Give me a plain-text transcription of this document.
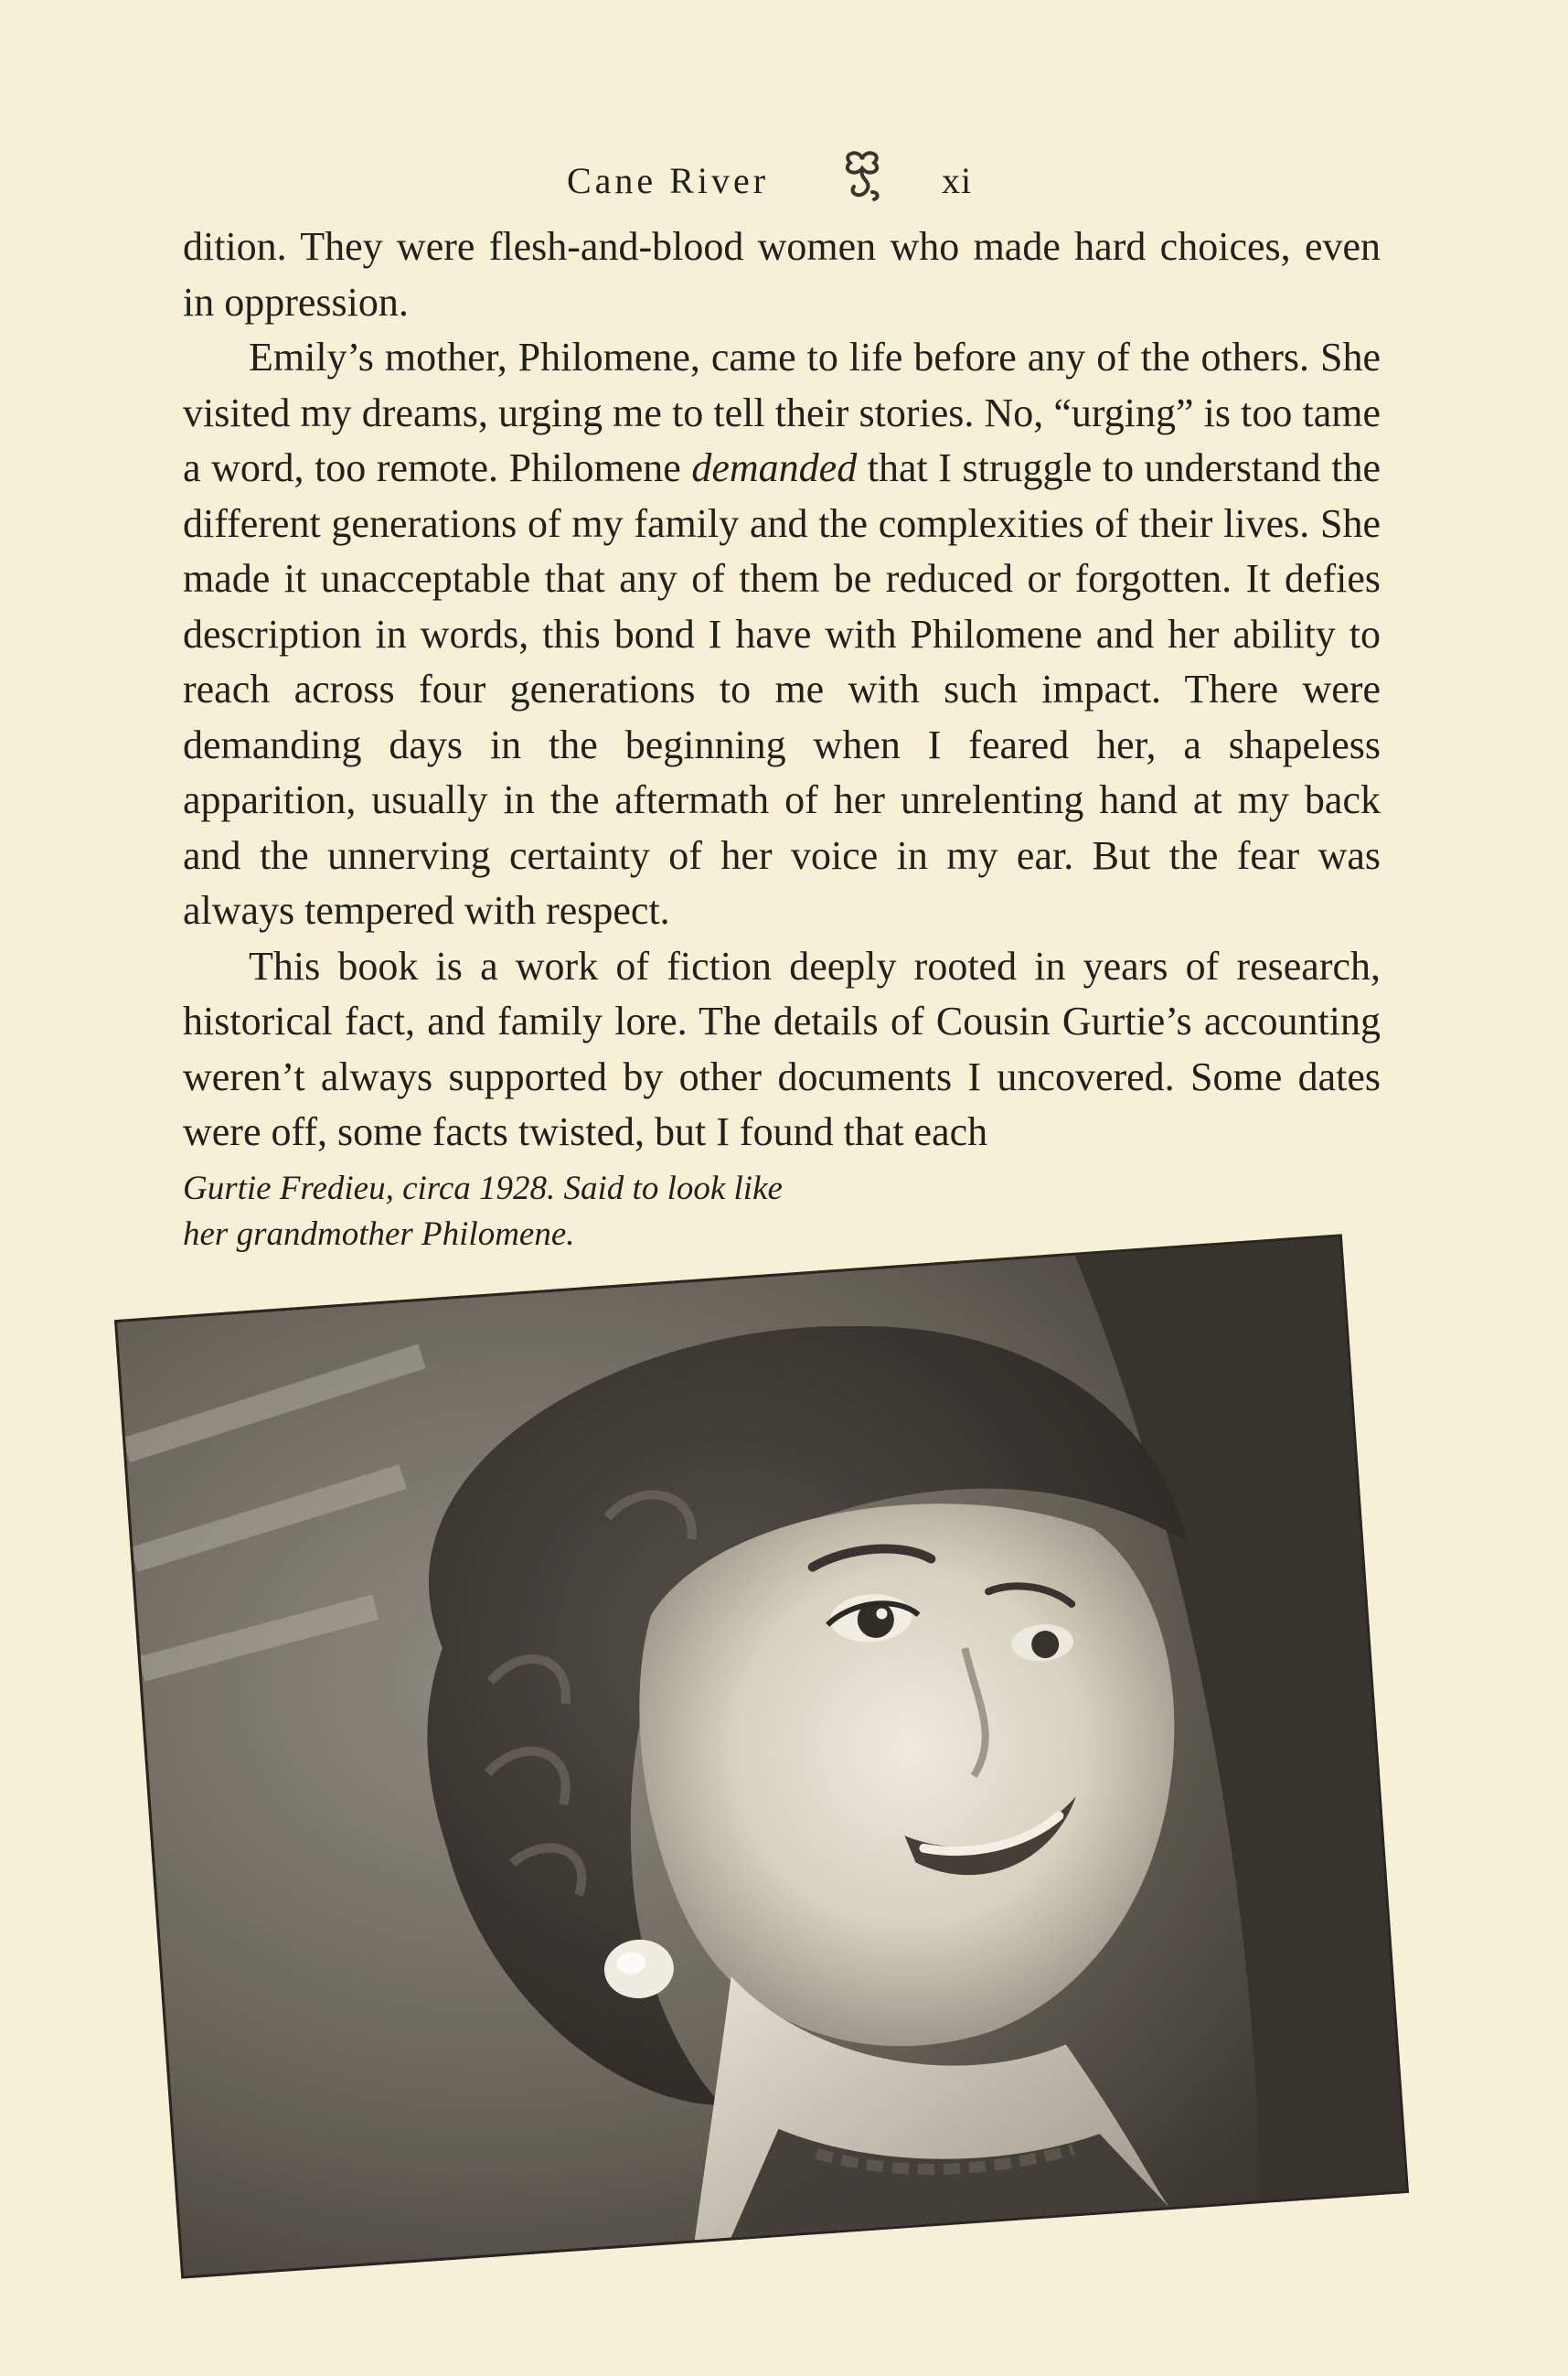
Cane River	xi

dition. They were flesh-and-blood women who made hard choices, even in oppression.

Emily’s mother, Philomene, came to life before any of the others. She visited my dreams, urging me to tell their stories. No, “urging” is too tame a word, too remote. Philomene demanded that I struggle to understand the different generations of my family and the complexities of their lives. She made it unacceptable that any of them be reduced or forgotten. It defies description in words, this bond I have with Philomene and her ability to reach across four generations to me with such impact. There were demanding days in the beginning when I feared her, a shapeless apparition, usually in the aftermath of her unrelenting hand at my back and the unnerving certainty of her voice in my ear. But the fear was always tempered with respect.

This book is a work of fiction deeply rooted in years of research, historical fact, and family lore. The details of Cousin Gurtie’s accounting weren’t always supported by other documents I uncovered. Some dates were off, some facts twisted, but I found that each

Gurtie Fredieu, circa 1928. Said to look like
her grandmother Philomene.
